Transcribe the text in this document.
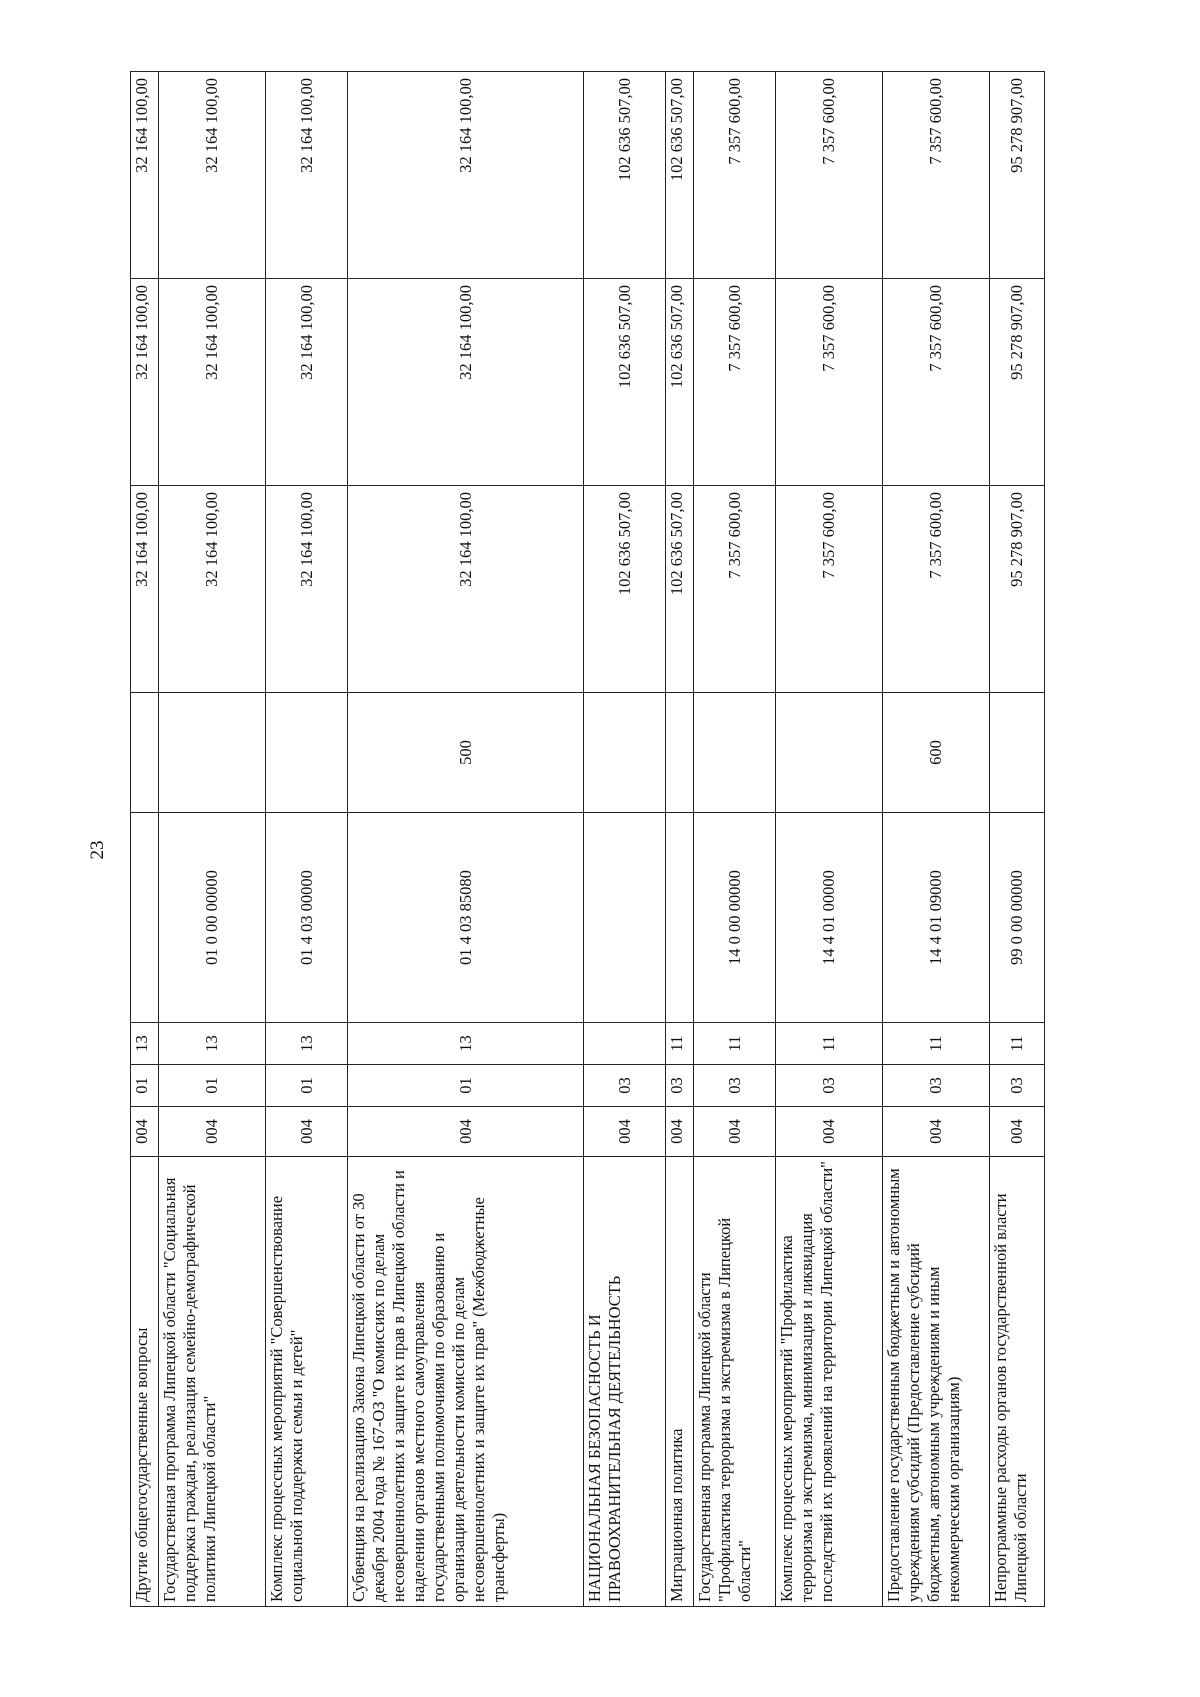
23
Другие общегосударственные вопросы	004	01	13			32 164 100,00	32 164 100,00	32 164 100,00
Государственная программа Липецкой области "Социальная поддержка граждан, реализация семейно-демографической политики Липецкой области"	004	01	13	01 0 00 00000		32 164 100,00	32 164 100,00	32 164 100,00
Комплекс процессных мероприятий "Совершенствование социальной поддержки семьи и детей"	004	01	13	01 4 03 00000		32 164 100,00	32 164 100,00	32 164 100,00
Субвенция на реализацию Закона Липецкой области от 30 декабря 2004 года № 167-ОЗ "О комиссиях по делам несовершеннолетних и защите их прав в Липецкой области и наделении органов местного самоуправления государственными полномочиями по образованию и организации деятельности комиссий по делам несовершеннолетних и защите их прав" (Межбюджетные трансферты)	004	01	13	01 4 03 85080	500	32 164 100,00	32 164 100,00	32 164 100,00
НАЦИОНАЛЬНАЯ БЕЗОПАСНОСТЬ И ПРАВООХРАНИТЕЛЬНАЯ ДЕЯТЕЛЬНОСТЬ	004	03				102 636 507,00	102 636 507,00	102 636 507,00
Миграционная политика	004	03	11			102 636 507,00	102 636 507,00	102 636 507,00
Государственная программа Липецкой области "Профилактика терроризма и экстремизма в Липецкой области"	004	03	11	14 0 00 00000		7 357 600,00	7 357 600,00	7 357 600,00
Комплекс процессных мероприятий "Профилактика терроризма и экстремизма, минимизация и ликвидация последствий их проявлений на территории Липецкой области"	004	03	11	14 4 01 00000		7 357 600,00	7 357 600,00	7 357 600,00
Предоставление государственным бюджетным и автономным учреждениям субсидий (Предоставление субсидий бюджетным, автономным учреждениям и иным некоммерческим организациям)	004	03	11	14 4 01 09000	600	7 357 600,00	7 357 600,00	7 357 600,00
Непрограммные расходы органов государственной власти Липецкой области	004	03	11	99 0 00 00000		95 278 907,00	95 278 907,00	95 278 907,00
